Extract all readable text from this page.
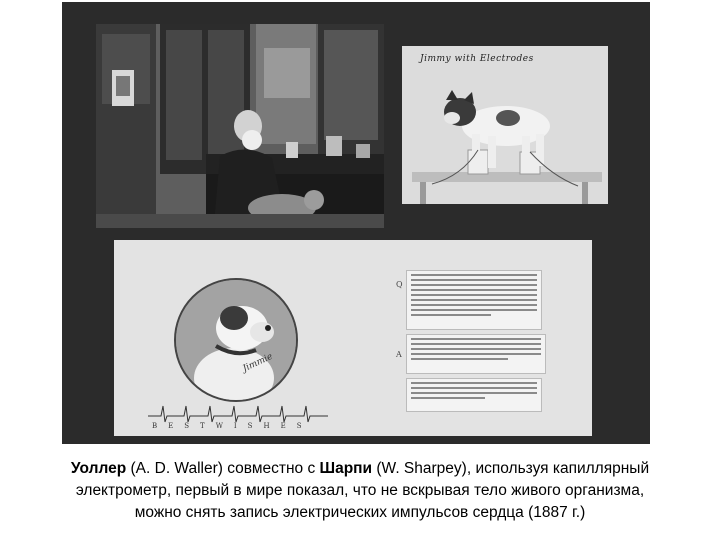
Jimmy with Electrodes
Jimmie
BESTWISHES
Q
A
Уоллер (A. D. Waller) совместно с Шарпи (W. Sharpey), используя капиллярный
электрометр, первый в мире показал, что не вскрывая тело живого организма,
можно снять запись электрических импульсов сердца (1887 г.)
